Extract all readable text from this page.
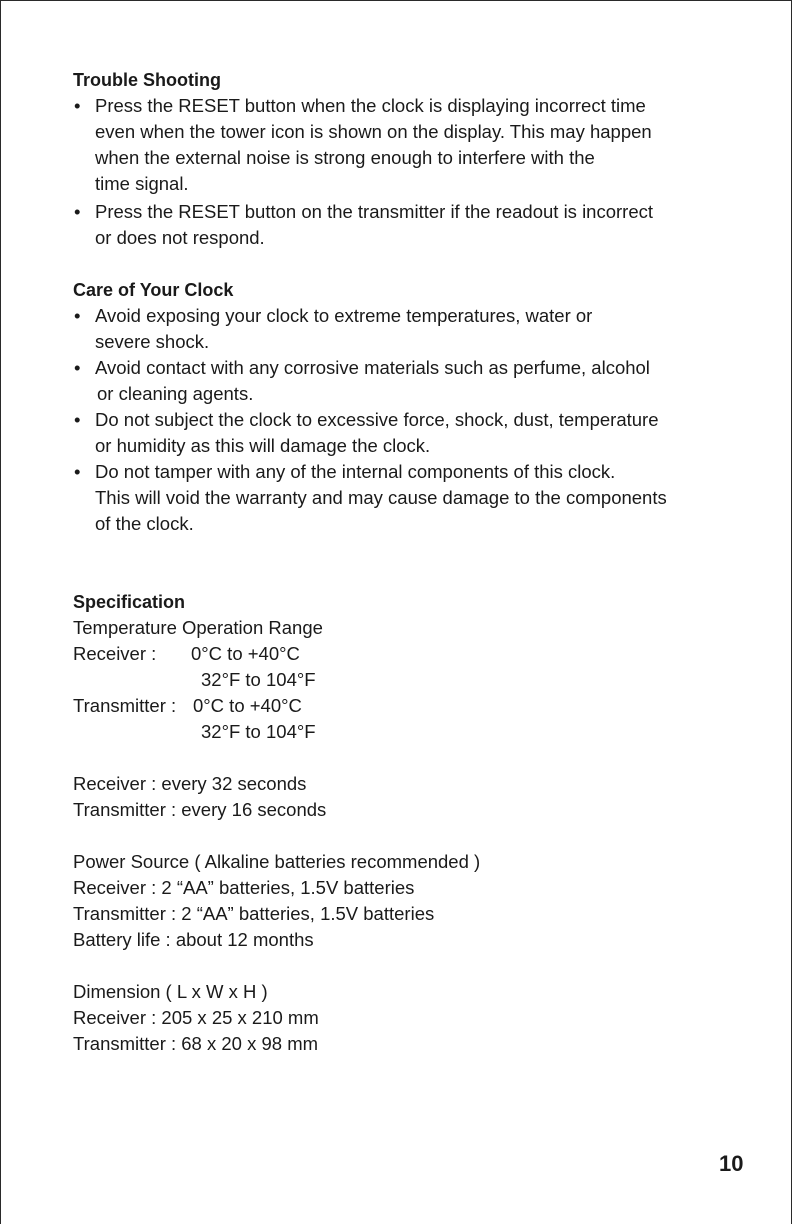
Trouble Shooting
• Press the RESET button when the clock is displaying incorrect time
even when the tower icon is shown on the display. This may happen
when the external noise is strong enough to interfere with the
time signal.
• Press the RESET button on the transmitter if the readout is incorrect
or does not respond.
Care of Your Clock
• Avoid exposing your clock to extreme temperatures, water or
severe shock.
• Avoid contact with any corrosive materials such as perfume, alcohol
or cleaning agents.
• Do not subject the clock to excessive force, shock, dust, temperature
or humidity as this will damage the clock.
• Do not tamper with any of the internal components of this clock.
This will void the warranty and may cause damage to the components
of the clock.
Specification
Temperature Operation Range
Receiver : 0°C to +40°C
32°F to 104°F
Transmitter : 0°C to +40°C
32°F to 104°F
Receiver : every 32 seconds
Transmitter : every 16 seconds
Power Source ( Alkaline batteries recommended )
Receiver : 2 “AA” batteries, 1.5V batteries
Transmitter : 2 “AA” batteries, 1.5V batteries
Battery life : about 12 months
Dimension ( L x W x H )
Receiver : 205 x 25 x 210 mm
Transmitter : 68 x 20 x 98 mm
10
